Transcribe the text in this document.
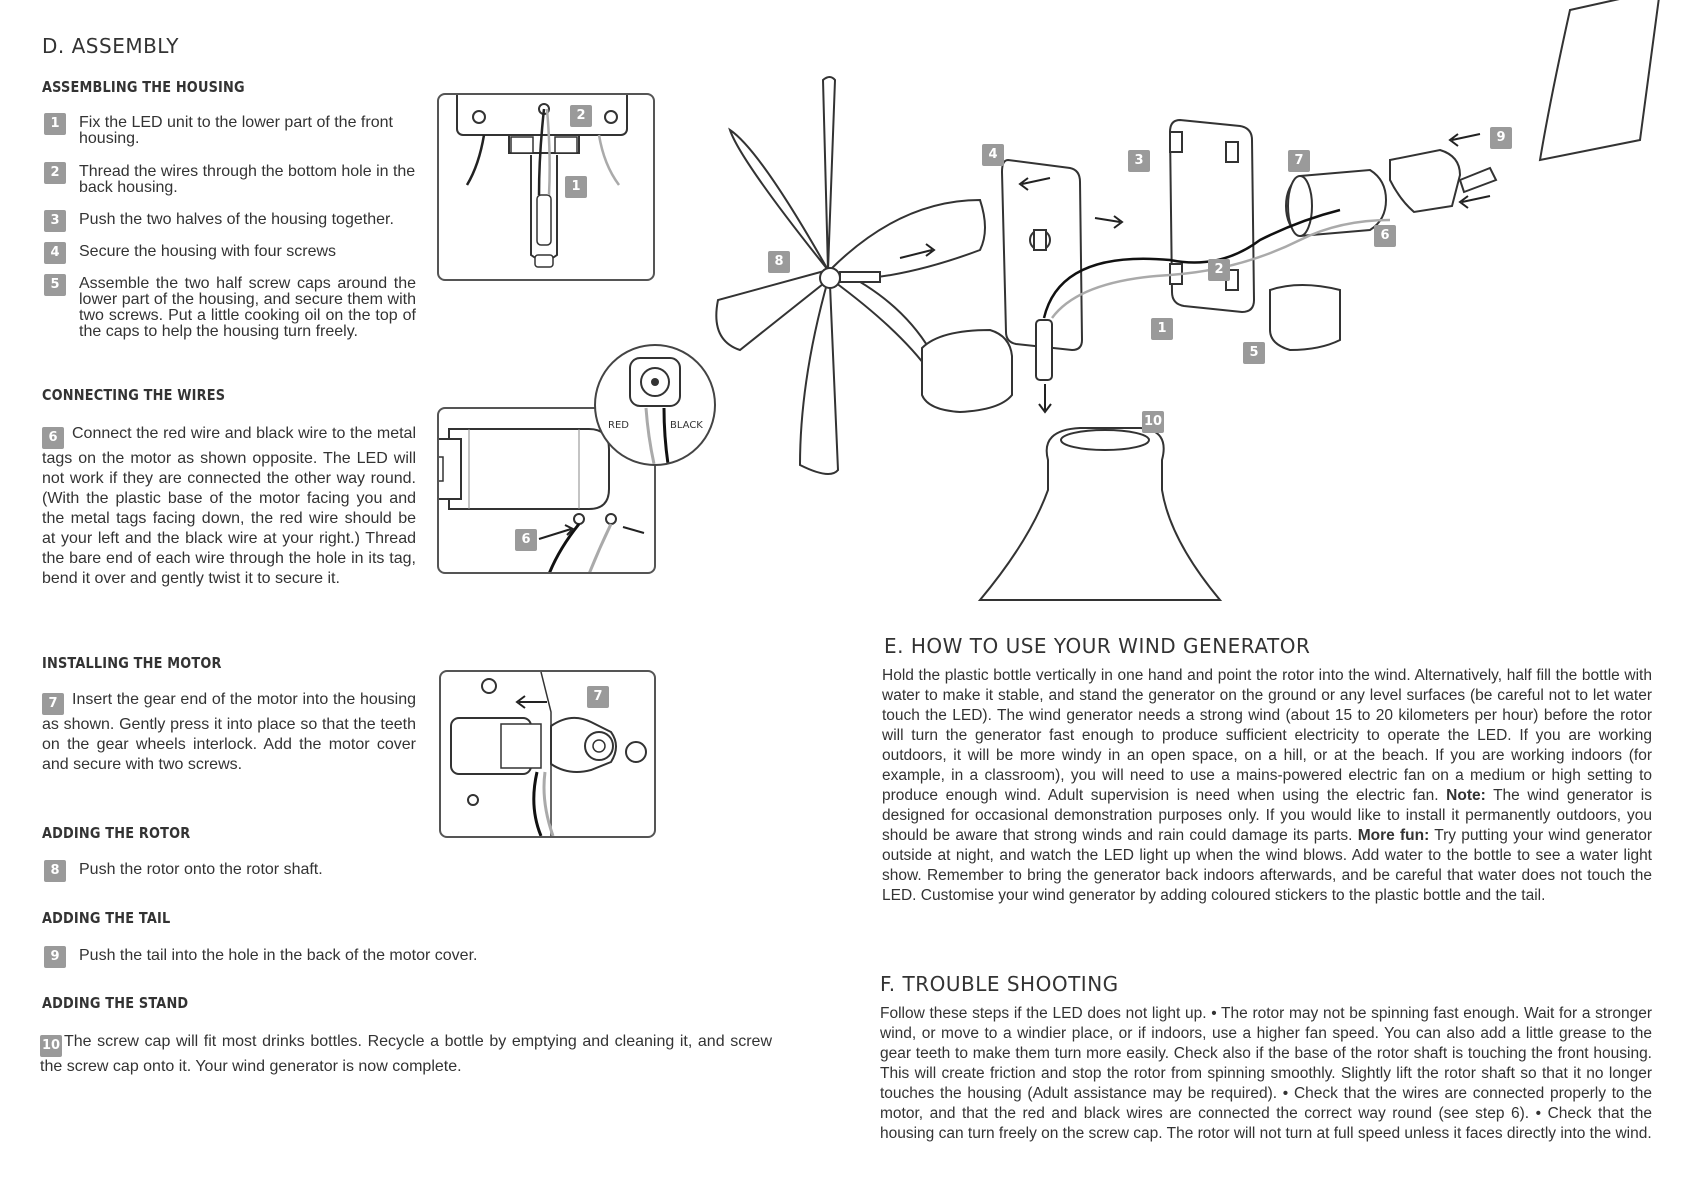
D. ASSEMBLY
ASSEMBLING THE HOUSING
1	Fix the LED unit to the lower part of the front housing.

2	Thread the wires through the bottom hole in the back housing.

3	Push the two halves of the housing together.

4	Secure the housing with four screws

5	Assemble the two half screw caps around the lower part of the housing, and secure them with two screws. Put a little cooking oil on the top of the caps to help the housing turn freely.

2
1
CONNECTING THE WIRES
6 Connect the red wire and black wire to the metal tags on the motor as shown opposite. The LED will not work if they are connected the other way round. (With the plastic base of the motor facing you and the metal tags facing down, the red wire should be at your left and the black wire at your right.) Thread the bare end of each wire through the hole in its tag, bend it over and gently twist it to secure it.
6
RED	BLACK
INSTALLING THE MOTOR
7 Insert the gear end of the motor into the housing as shown. Gently press it into place so that the teeth on the gear wheels interlock. Add the motor cover and secure with two screws.
7
ADDING THE ROTOR
8	Push the rotor onto the rotor shaft.

ADDING THE TAIL
9	Push the tail into the hole in the back of the motor cover.

ADDING THE STAND
10 The screw cap will fit most drinks bottles. Recycle a bottle by emptying and cleaning it, and screw the screw cap onto it. Your wind generator is now complete.
4	3	7
9
8
6
2
1
5
10
E. HOW TO USE YOUR WIND GENERATOR
Hold the plastic bottle vertically in one hand and point the rotor into the wind. Alternatively, half fill the bottle with water to make it stable, and stand the generator on the ground or any level surfaces (be careful not to let water touch the LED). The wind generator needs a strong wind (about 15 to 20 kilometers per hour) before the rotor will turn the generator fast enough to produce sufficient electricity to operate the LED. If you are working outdoors, it will be more windy in an open space, on a hill, or at the beach. If you are working indoors (for example, in a classroom), you will need to use a mains-powered electric fan on a medium or high setting to produce enough wind. Adult supervision is need when using the electric fan. Note: The wind generator is designed for occasional demonstration purposes only. If you would like to install it permanently outdoors, you should be aware that strong winds and rain could damage its parts. More fun: Try putting your wind generator outside at night, and watch the LED light up when the wind blows. Add water to the bottle to see a water light show. Remember to bring the generator back indoors afterwards, and be careful that water does not touch the LED. Customise your wind generator by adding coloured stickers to the plastic bottle and the tail.
F. TROUBLE SHOOTING
Follow these steps if the LED does not light up. • The rotor may not be spinning fast enough. Wait for a stronger wind, or move to a windier place, or if indoors, use a higher fan speed. You can also add a little grease to the gear teeth to make them turn more easily. Check also if the base of the rotor shaft is touching the front housing. This will create friction and stop the rotor from spinning smoothly. Slightly lift the rotor shaft so that it no longer touches the housing (Adult assistance may be required). • Check that the wires are connected properly to the motor, and that the red and black wires are connected the correct way round (see step 6). • Check that the housing can turn freely on the screw cap. The rotor will not turn at full speed unless it faces directly into the wind.
